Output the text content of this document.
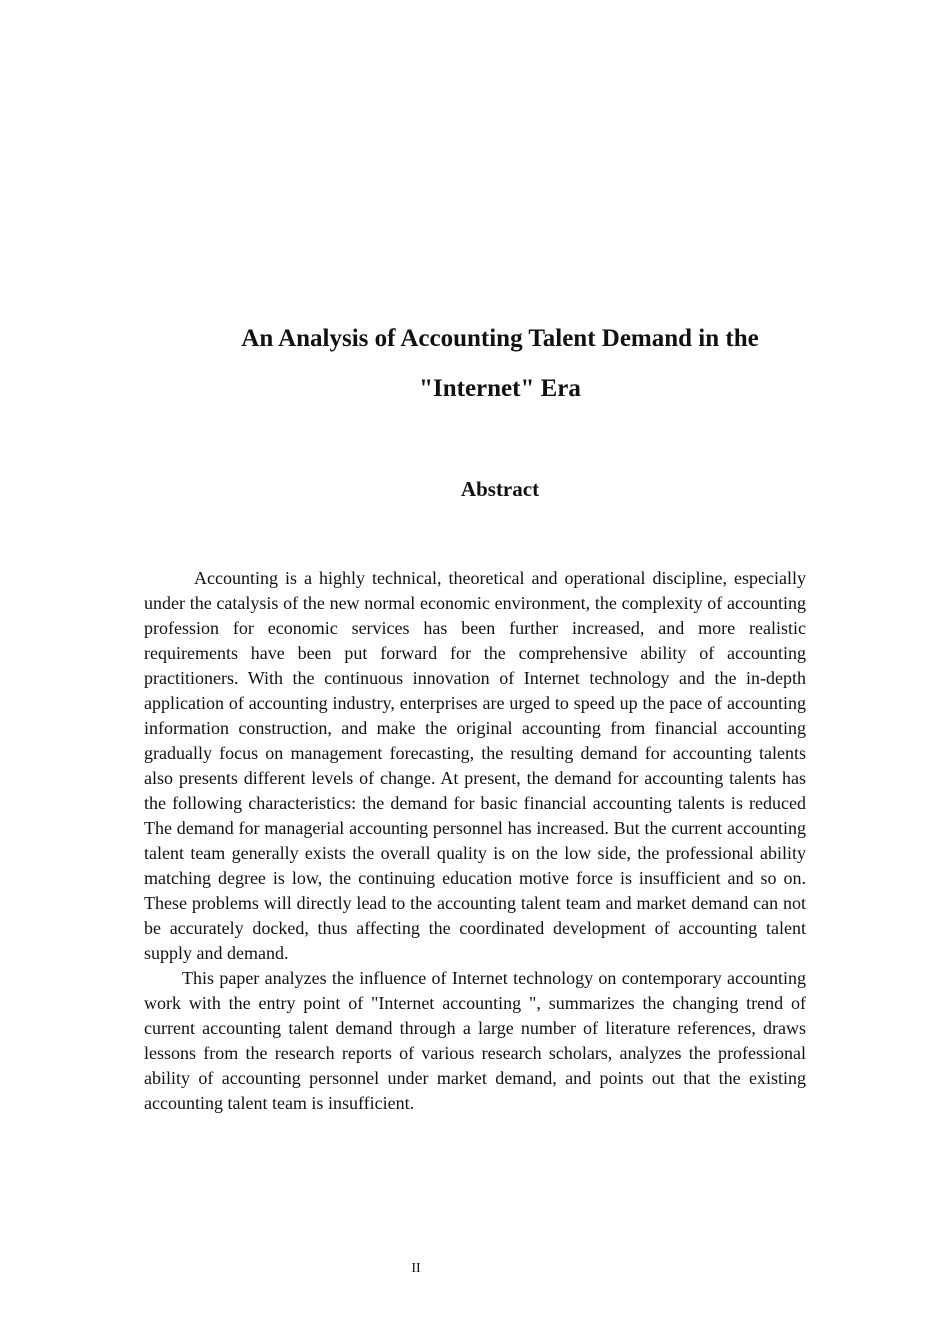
An Analysis of Accounting Talent Demand in the
"Internet" Era
Abstract

Accounting is a highly technical, theoretical and operational discipline, especially under the catalysis of the new normal economic environment, the complexity of accounting profession for economic services has been further increased, and more realistic requirements have been put forward for the comprehensive ability of accounting practitioners. With the continuous innovation of Internet technology and the in-depth application of accounting industry, enterprises are urged to speed up the pace of accounting information construction, and make the original accounting from financial accounting gradually focus on management forecasting, the resulting demand for accounting talents also presents different levels of change. At present, the demand for accounting talents has the following characteristics: the demand for basic financial accounting talents is reduced The demand for managerial accounting personnel has increased. But the current accounting talent team generally exists the overall quality is on the low side, the professional ability matching degree is low, the continuing education motive force is insufficient and so on. These problems will directly lead to the accounting talent team and market demand can not be accurately docked, thus affecting the coordinated development of accounting talent supply and demand.

This paper analyzes the influence of Internet technology on contemporary accounting work with the entry point of "Internet accounting ", summarizes the changing trend of current accounting talent demand through a large number of literature references, draws lessons from the research reports of various research scholars, analyzes the professional ability of accounting personnel under market demand, and points out that the existing accounting talent team is insufficient.

II
